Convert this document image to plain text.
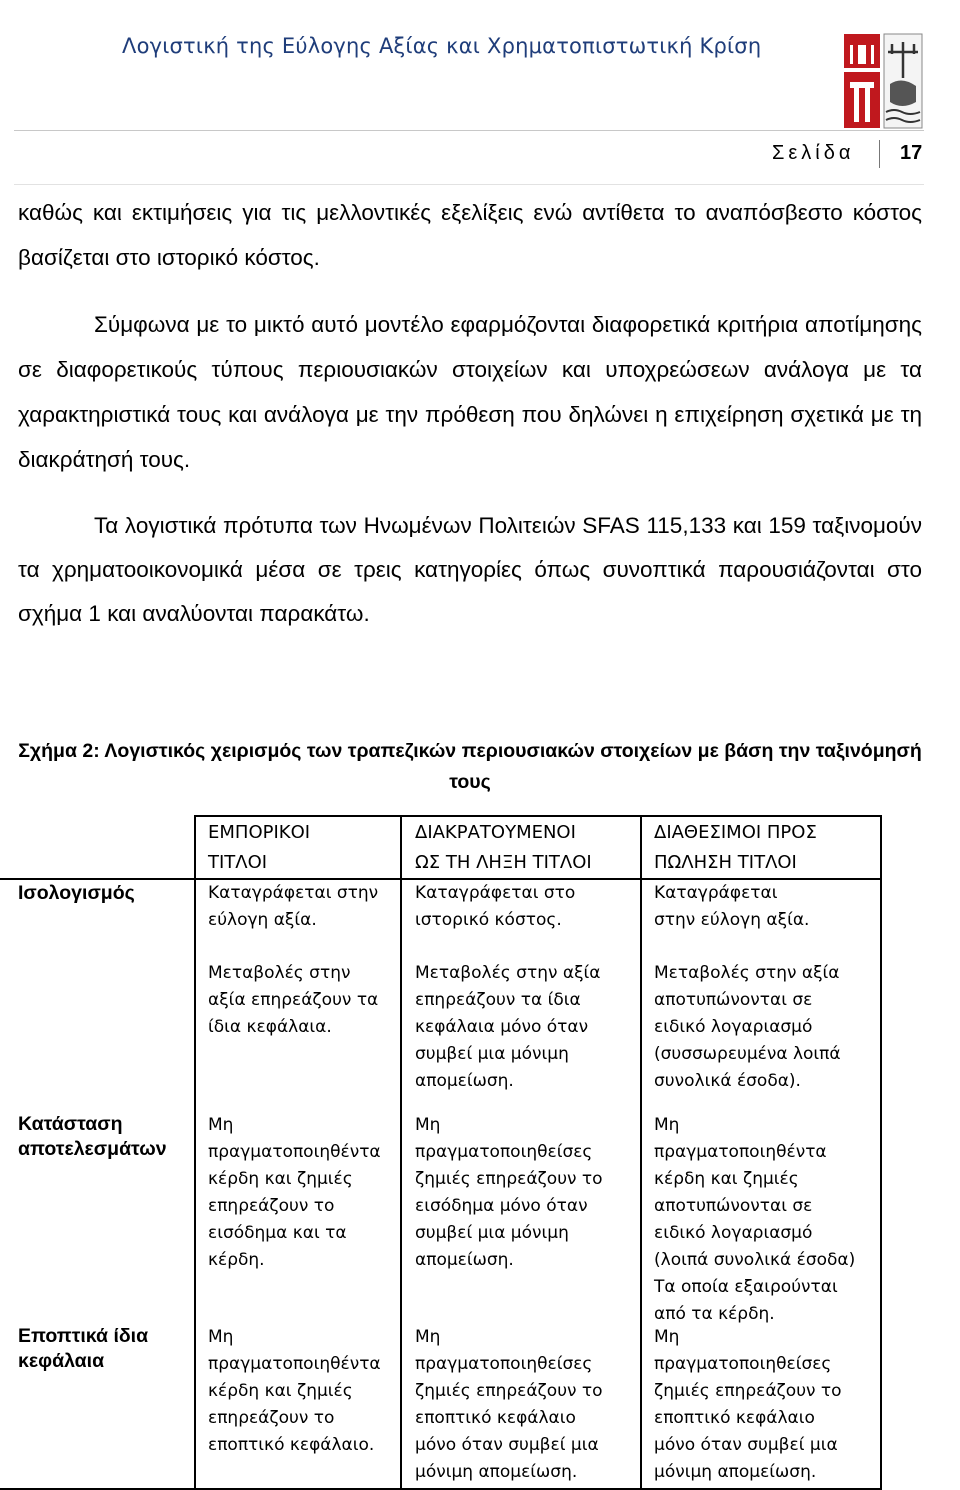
Λογιστική της Εύλογης Αξίας και Χρηματοπιστωτική Κρίση
Σελίδα 17
καθώς και εκτιμήσεις για τις μελλοντικές εξελίξεις ενώ αντίθετα το αναπόσβεστο κόστος βασίζεται στο ιστορικό κόστος.
Σύμφωνα με το μικτό αυτό μοντέλο εφαρμόζονται διαφορετικά κριτήρια αποτίμησης σε διαφορετικούς τύπους περιουσιακών στοιχείων και υποχρεώσεων ανάλογα με τα χαρακτηριστικά τους και ανάλογα με την πρόθεση που δηλώνει η επιχείρηση σχετικά με τη διακράτησή τους.
Τα λογιστικά πρότυπα των Ηνωμένων Πολιτειών SFAS 115,133 και 159 ταξινομούν τα χρηματοοικονομικά μέσα σε τρεις κατηγορίες όπως συνοπτικά παρουσιάζονται στο σχήμα 1 και αναλύονται παρακάτω.
Σχήμα 2: Λογιστικός χειρισμός των τραπεζικών περιουσιακών στοιχείων με βάση την ταξινόμησή τους
ΕΜΠΟΡΙΚΟΙ
ΤΙΤΛΟΙ
ΔΙΑΚΡΑΤΟΥΜΕΝΟΙ
ΩΣ ΤΗ ΛΗΞΗ ΤΙΤΛΟΙ
ΔΙΑΘΕΣΙΜΟΙ ΠΡΟΣ
ΠΩΛΗΣΗ ΤΙΤΛΟΙ
Ισολογισμός	Καταγράφεται στην
εύλογη αξία.
Καταγράφεται στο
ιστορικό κόστος.
Καταγράφεται
στην εύλογη αξία.
Μεταβολές στην
αξία επηρεάζουν τα
ίδια κεφάλαια.
Μεταβολές στην αξία
επηρεάζουν τα ίδια
κεφάλαια μόνο όταν
συμβεί μια μόνιμη
απομείωση.
Μεταβολές στην αξία
αποτυπώνονται σε
ειδικό λογαριασμό
(συσσωρευμένα λοιπά
συνολικά έσοδα).
Κατάσταση
αποτελεσμάτων
Μη
πραγματοποιηθέντα
κέρδη και ζημιές
επηρεάζουν το
εισόδημα και τα
κέρδη.
Μη
πραγματοποιηθείσες
ζημιές επηρεάζουν το
εισόδημα μόνο όταν
συμβεί μια μόνιμη
απομείωση.
Μη
πραγματοποιηθέντα
κέρδη και ζημιές
αποτυπώνονται σε
ειδικό λογαριασμό
(λοιπά συνολικά έσοδα)
Τα οποία εξαιρούνται
από τα κέρδη.
Εποπτικά ίδια
κεφάλαια
Μη
πραγματοποιηθέντα
κέρδη και ζημιές
επηρεάζουν το
εποπτικό κεφάλαιο.
Μη
πραγματοποιηθείσες
ζημιές επηρεάζουν το
εποπτικό κεφάλαιο
μόνο όταν συμβεί μια
μόνιμη απομείωση.
Μη
πραγματοποιηθείσες
ζημιές επηρεάζουν το
εποπτικό κεφάλαιο
μόνο όταν συμβεί μια
μόνιμη απομείωση.
